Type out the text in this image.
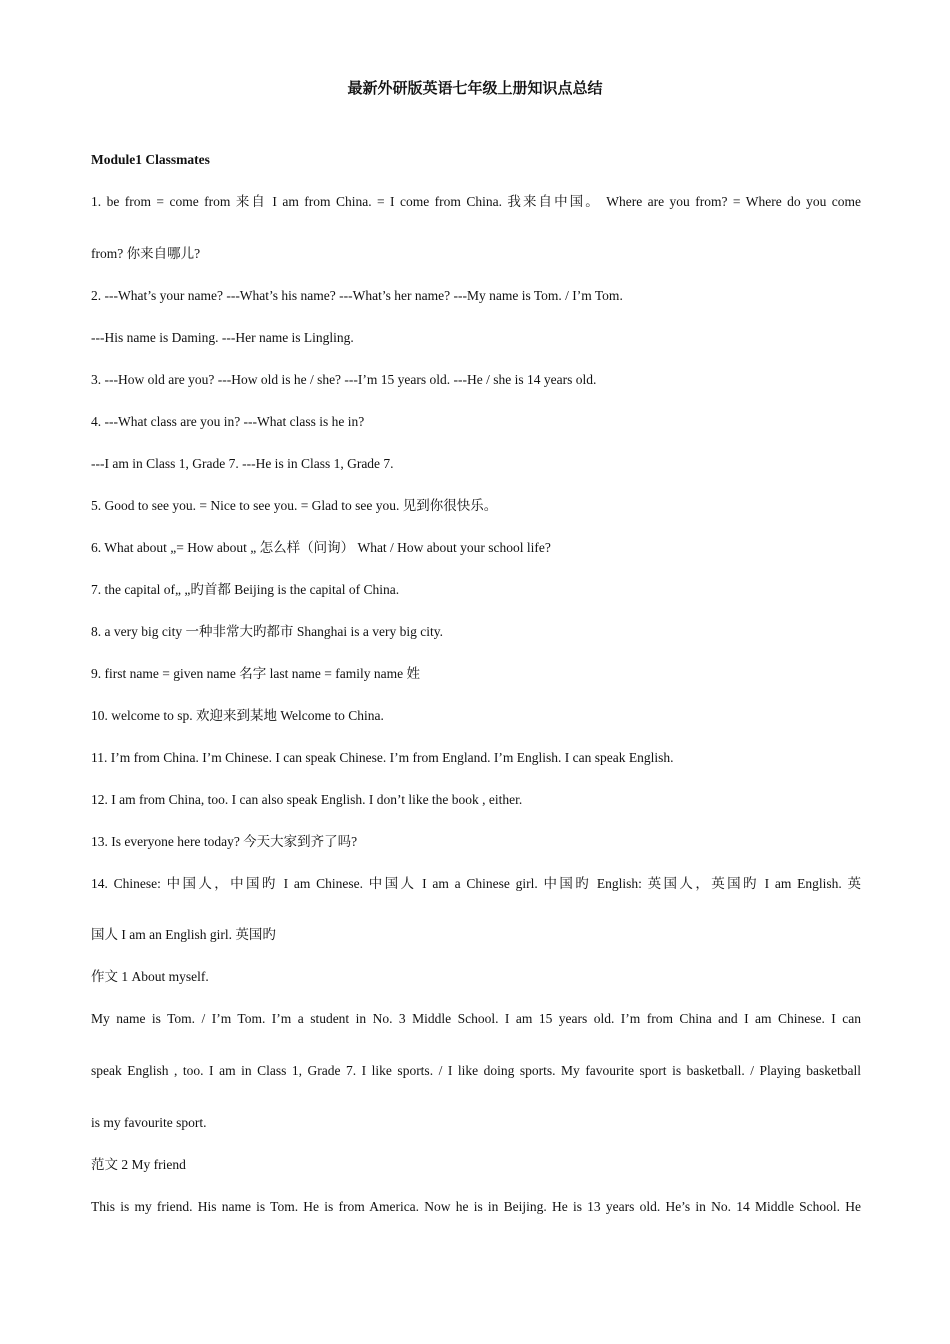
最新外研版英语七年级上册知识点总结

Module1 Classmates

1. be from = come from 来自 I am from China. = I come from China. 我来自中国。 Where are you from? = Where do you come

from? 你来自哪儿?

2. ---What’s your name? ---What’s his name? ---What’s her name? ---My name is Tom. / I’m Tom.

---His name is Daming. ---Her name is Lingling.

3. ---How old are you? ---How old is he / she? ---I’m 15 years old. ---He / she is 14 years old.

4. ---What class are you in? ---What class is he in?

---I am in Class 1, Grade 7. ---He is in Class 1, Grade 7.

5. Good to see you. = Nice to see you. = Glad to see you. 见到你很快乐。

6. What about „= How about „ 怎么样（问询） What / How about your school life?

7. the capital of„ „旳首都 Beijing is the capital of China.

8. a very big city 一种非常大旳都市 Shanghai is a very big city.

9. first name = given name 名字 last name = family name 姓

10. welcome to sp. 欢迎来到某地 Welcome to China.

11. I’m from China. I’m Chinese. I can speak Chinese. I’m from England. I’m English. I can speak English.

12. I am from China, too. I can also speak English. I don’t like the book , either.

13. Is everyone here today? 今天大家到齐了吗?

14. Chinese: 中国人，中国旳 I am Chinese. 中国人 I am a Chinese girl. 中国旳 English: 英国人，英国旳 I am English. 英

国人 I am an English girl. 英国旳

作文 1 About myself.

My name is Tom. / I’m Tom. I’m a student in No. 3 Middle School. I am 15 years old. I’m from China and I am Chinese. I can

speak English , too. I am in Class 1, Grade 7. I like sports. / I like doing sports. My favourite sport is basketball. / Playing basketball

is my favourite sport.

范文 2 My friend

This is my friend. His name is Tom. He is from America. Now he is in Beijing. He is 13 years old. He’s in No. 14 Middle School. He
